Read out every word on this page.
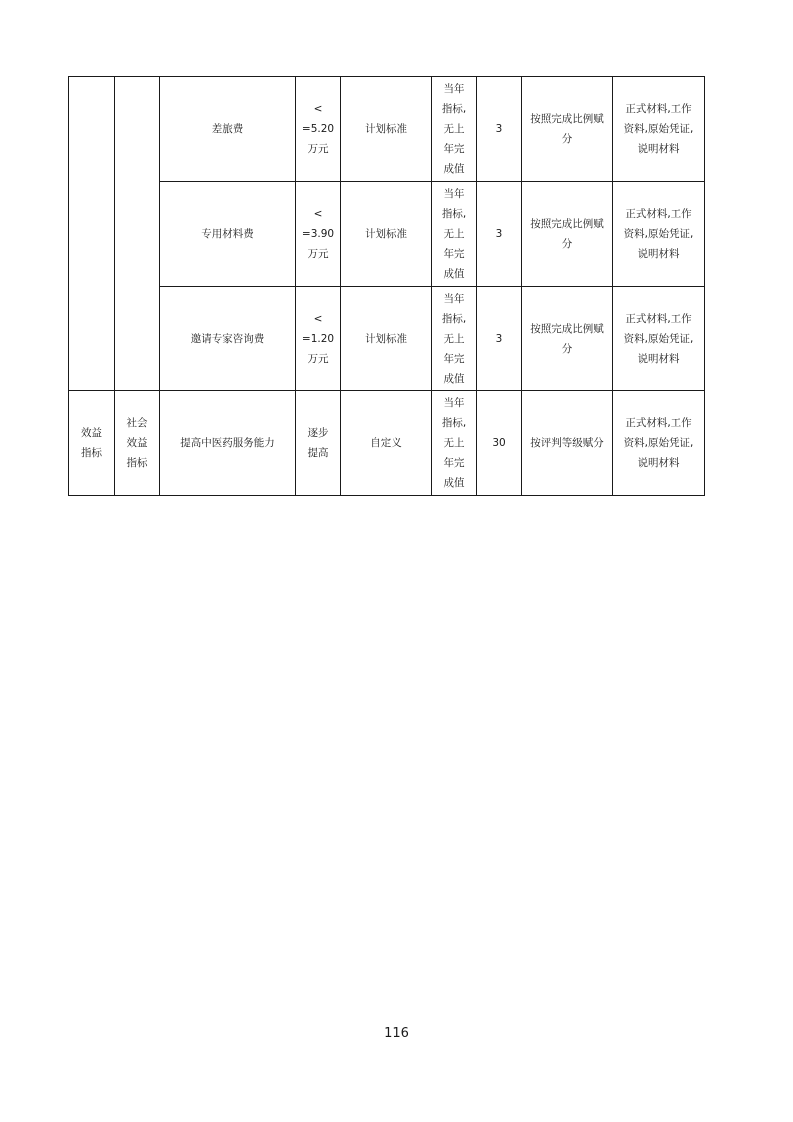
		差旅费	<
=5.20
万元	计划标准	当年
指标,
无上
年完
成值	3	按照完成比例赋
分	正式材料,工作
资料,原始凭证,
说明材料
		专用材料费	<
=3.90
万元	计划标准	当年
指标,
无上
年完
成值	3	按照完成比例赋
分	正式材料,工作
资料,原始凭证,
说明材料
		邀请专家咨询费	<
=1.20
万元	计划标准	当年
指标,
无上
年完
成值	3	按照完成比例赋
分	正式材料,工作
资料,原始凭证,
说明材料
效益
指标	社会
效益
指标	提高中医药服务能力	逐步
提高	自定义	当年
指标,
无上
年完
成值	30	按评判等级赋分	正式材料,工作
资料,原始凭证,
说明材料
116
